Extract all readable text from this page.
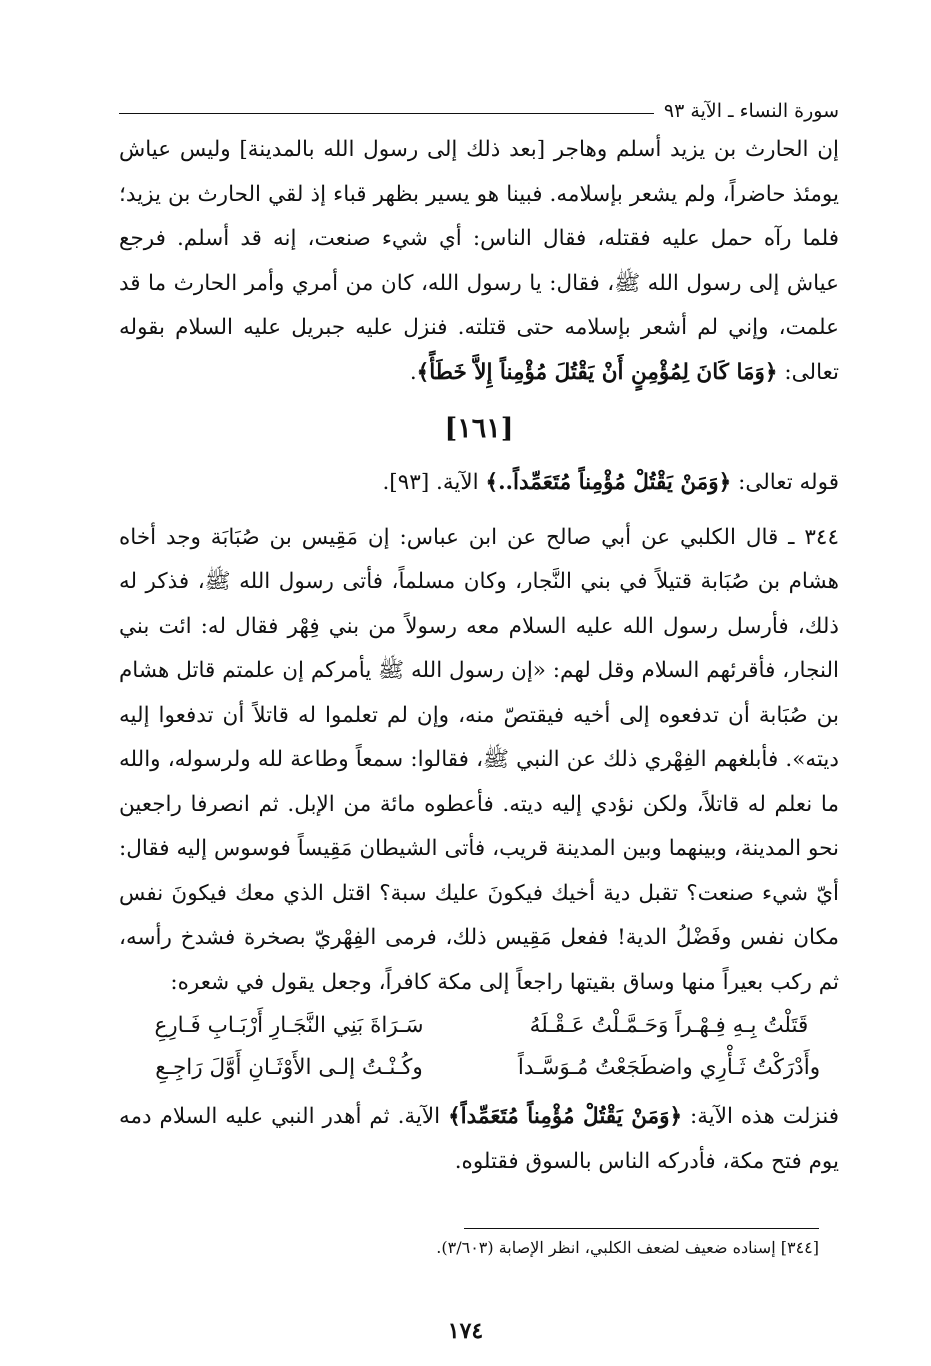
سورة النساء ـ الآية ٩٣

إن الحارث بن يزيد أسلم وهاجر [بعد ذلك إلى رسول الله بالمدينة] وليس عياش يومئذ حاضراً، ولم يشعر بإسلامه. فبينا هو يسير بظهر قباء إذ لقي الحارث بن يزيد؛ فلما رآه حمل عليه فقتله، فقال الناس: أي شيء صنعت، إنه قد أسلم. فرجع عياش إلى رسول الله ﷺ، فقال: يا رسول الله، كان من أمري وأمر الحارث ما قد علمت، وإني لم أشعر بإسلامه حتى قتلته. فنزل عليه جبريل عليه السلام بقوله تعالى: ﴿وَمَا كَانَ لِمُؤْمِنٍ أَنْ يَقْتُلَ مُؤْمِناً إِلاَّ خَطَأً﴾.

[١٦١]

قوله تعالى: ﴿وَمَنْ يَقْتُلْ مُؤْمِناً مُتَعَمِّداً..﴾ الآية. [٩٣].

٣٤٤ ـ قال الكلبي عن أبي صالح عن ابن عباس: إن مَقِيس بن صُبَابَة وجد أخاه هشام بن صُبَابة قتيلاً في بني النَّجار، وكان مسلماً، فأتى رسول الله ﷺ، فذكر له ذلك، فأرسل رسول الله عليه السلام معه رسولاً من بني فِهْر فقال له: ائت بني النجار، فأقرئهم السلام وقل لهم: «إن رسول الله ﷺ يأمركم إن علمتم قاتل هشام بن صُبَابة أن تدفعوه إلى أخيه فيقتصّ منه، وإن لم تعلموا له قاتلاً أن تدفعوا إليه ديته». فأبلغهم الفِهْري ذلك عن النبي ﷺ، فقالوا: سمعاً وطاعة لله ولرسوله، والله ما نعلم له قاتلاً، ولكن نؤدي إليه ديته. فأعطوه مائة من الإبل. ثم انصرفا راجعين نحو المدينة، وبينهما وبين المدينة قريب، فأتى الشيطان مَقِيساً فوسوس إليه فقال: أيّ شيء صنعت؟ تقبل دية أخيك فيكونَ عليك سبة؟ اقتل الذي معك فيكونَ نفس مكان نفس وفَضْلُ الدية! ففعل مَقِيس ذلك، فرمى الفِهْريّ بصخرة فشدخ رأسه، ثم ركب بعيراً منها وساق بقيتها راجعاً إلى مكة كافراً، وجعل يقول في شعره:

قَتَلْتُ بِـهِ فِـهْـراً وَحَـمَّـلْتُ عَـقْـلَهُ
سَـرَاةَ بَنِي النَّجَـارِ أَرْبَـابِ فَـارِعِ
وأَدْرَكْتُ ثَـأْرِي واضطَجَعْتُ مُـوَسَّـداً
وكُـنْـتُ إلـى الأَوْثَـانِ أَوَّلَ رَاجِـعِ

فنزلت هذه الآية: ﴿وَمَنْ يَقْتُلْ مُؤْمِناً مُتَعَمِّداً﴾ الآية. ثم أهدر النبي عليه السلام دمه يوم فتح مكة، فأدركه الناس بالسوق فقتلوه.

[٣٤٤] إسناده ضعيف لضعف الكلبي، انظر الإصابة (٣/٦٠٣).
١٧٤
